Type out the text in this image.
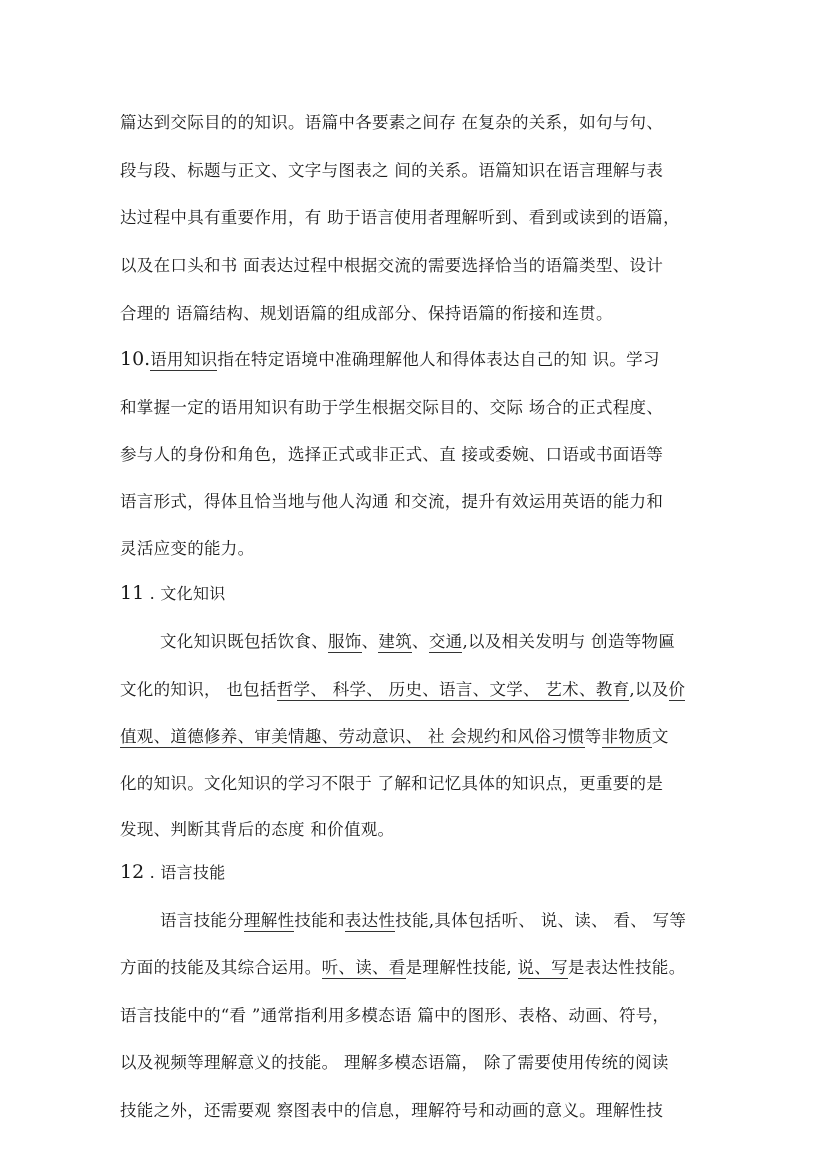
​
篇达到交际目的的知识。语篇中各要素之间存 在复杂的关系，如句与句、
段与段、标题与正文、文字与图表之 间的关系。语篇知识在语言理解与表
达过程中具有重要作用，有 助于语言使用者理解听到、看到或读到的语篇，
以及在口头和书 面表达过程中根据交流的需要选择恰当的语篇类型、设计
合理的 语篇结构、规划语篇的组成部分、保持语篇的衔接和连贯。
10.语用知识指在特定语境中准确理解他人和得体表达自己的知 识。学习
和掌握一定的语用知识有助于学生根据交际目的、交际 场合的正式程度、
参与人的身份和角色，选择正式或非正式、直 接或委婉、口语或书面语等
语言形式，得体且恰当地与他人沟通 和交流，提升有效运用英语的能力和
灵活应变的能力。
11 . 文化知识
文化知识既包括饮食、服饰、建筑、交通,以及相关发明与 创造等物匾
文化的知识， 也包括哲学、 科学、 历史、语言、文学、 艺术、教育,以及价
值观、道德修养、审美情趣、劳动意识、 社 会规约和风俗习惯等非物质文
化的知识。文化知识的学习不限于 了解和记忆具体的知识点，更重要的是
发现、判断其背后的态度 和价值观。
12 . 语言技能
语言技能分理解性技能和表达性技能,具体包括听、 说、读、 看、 写等
方面的技能及其综合运用。听、读、看是理解性技能, 说、写是表达性技能。
语言技能中的“看 ”通常指利用多模态语 篇中的图形、表格、动画、符号，
以及视频等理解意义的技能。 理解多模态语篇， 除了需要使用传统的阅读
技能之外，还需要观 察图表中的信息，理解符号和动画的意义。理解性技
